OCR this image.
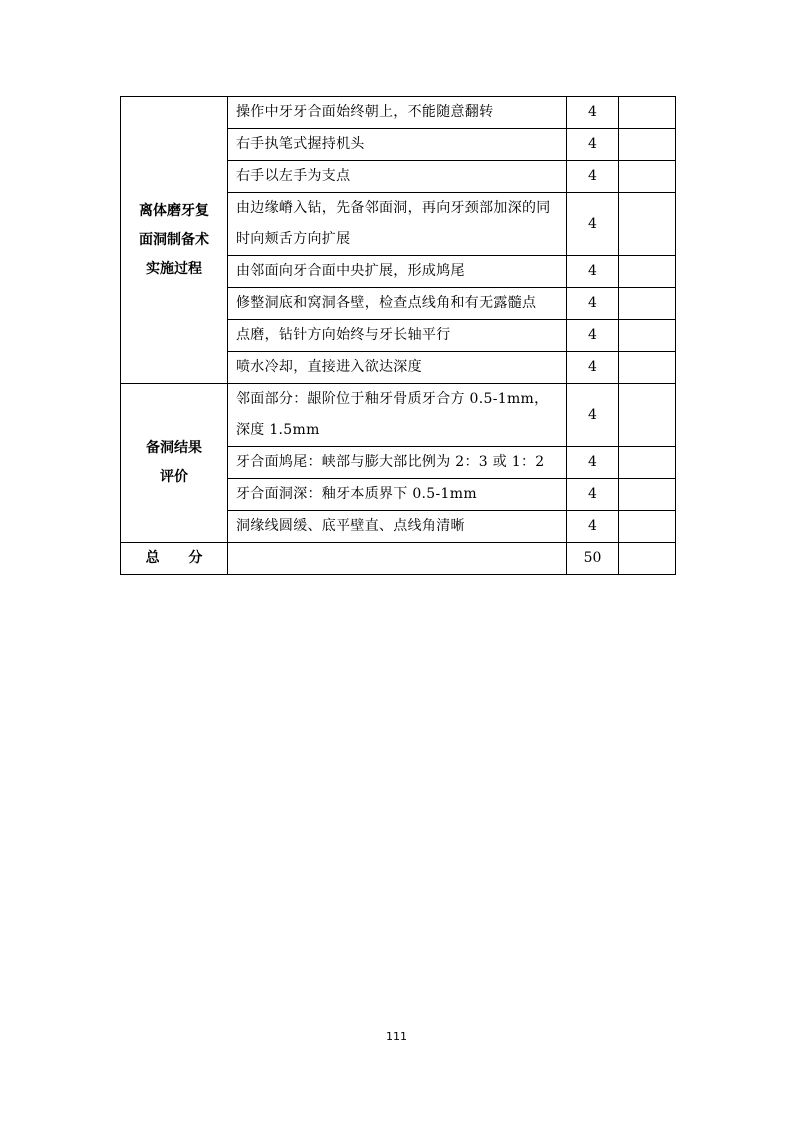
离体磨牙复
面洞制备术
实施过程	操作中牙牙合面始终朝上，不能随意翻转	4	
	右手执笔式握持机头	4	
	右手以左手为支点	4	
	由边缘嵴入钻，先备邻面洞，再向牙颈部加深的同时向颊舌方向扩展	4	
	由邻面向牙合面中央扩展，形成鸠尾	4	
	修整洞底和窝洞各壁，检查点线角和有无露髓点	4	
	点磨，钻针方向始终与牙长轴平行	4	
	喷水冷却，直接进入欲达深度	4	
备洞结果
评价	邻面部分：龈阶位于釉牙骨质牙合方 0.5-1mm，深度 1.5mm	4	
	牙合面鸠尾：峡部与膨大部比例为 2：3 或 1：2	4	
	牙合面洞深：釉牙本质界下 0.5-1mm	4	
	洞缘线圆缓、底平壁直、点线角清晰	4	
总 分		50	
111
